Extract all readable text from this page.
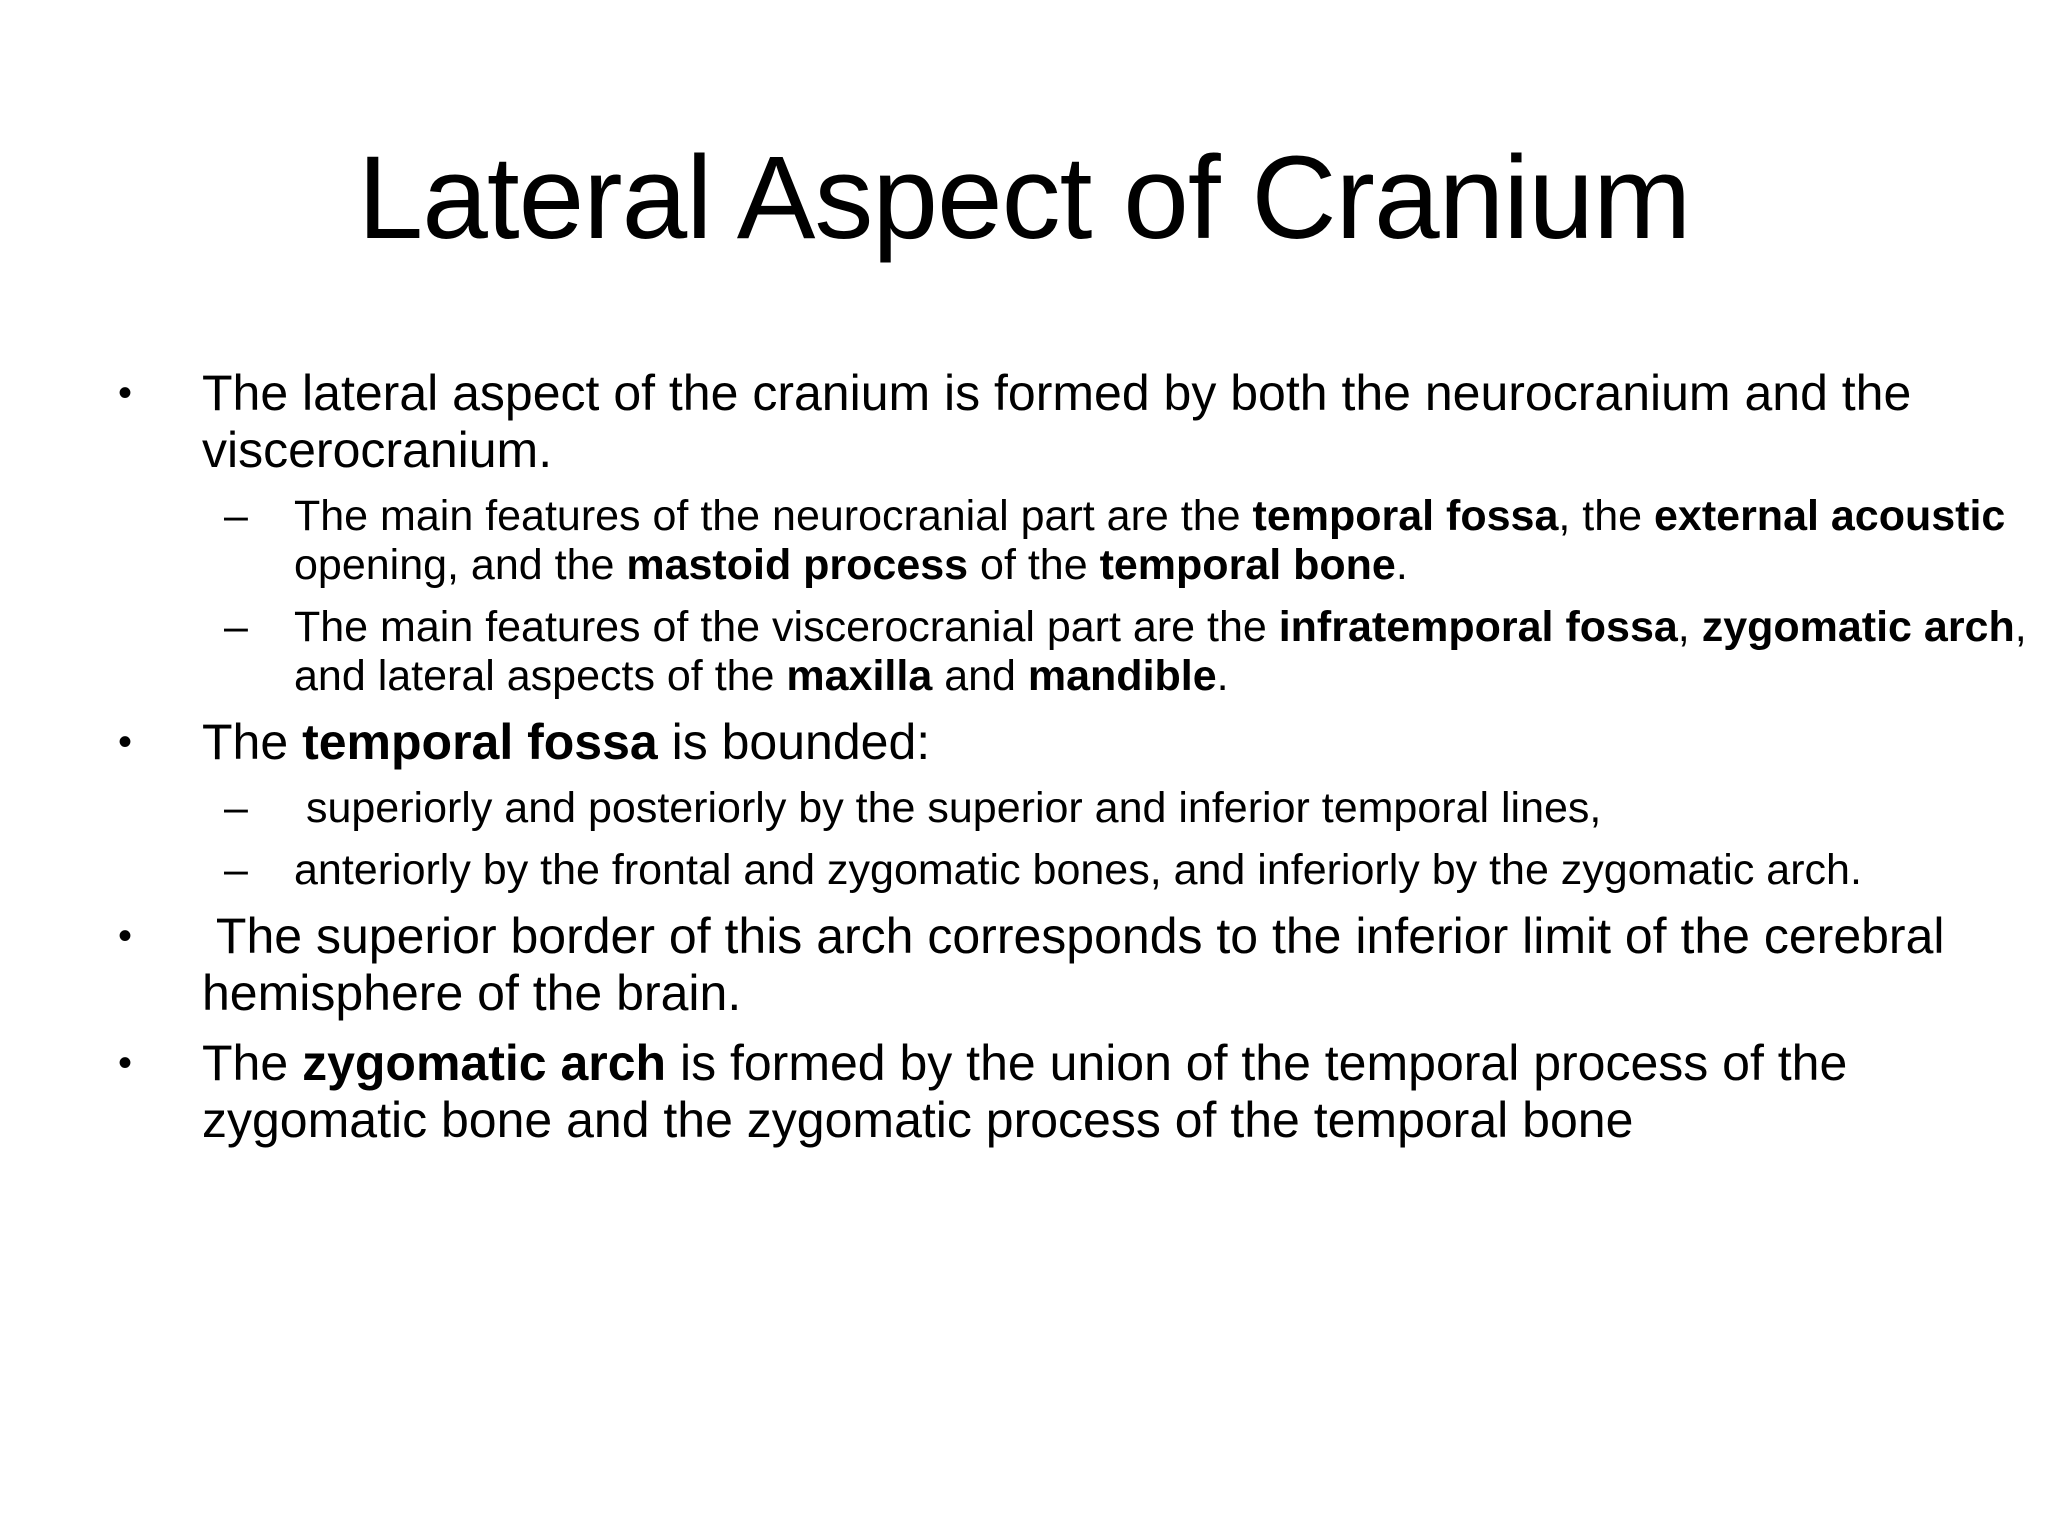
Lateral Aspect of Cranium
•	The lateral aspect of the cranium is formed by both the neurocranium and the viscerocranium.
–	The main features of the neurocranial part are the temporal fossa, the external acoustic opening, and the mastoid process of the temporal bone.
–	The main features of the viscerocranial part are the infratemporal fossa, zygomatic arch, and lateral aspects of the maxilla and mandible.
•	The temporal fossa is bounded:
–	superiorly and posteriorly by the superior and inferior temporal lines,
–	anteriorly by the frontal and zygomatic bones, and inferiorly by the zygomatic arch.
•	The superior border of this arch corresponds to the inferior limit of the cerebral hemisphere of the brain.
•	The zygomatic arch is formed by the union of the temporal process of the zygomatic bone and the zygomatic process of the temporal bone
